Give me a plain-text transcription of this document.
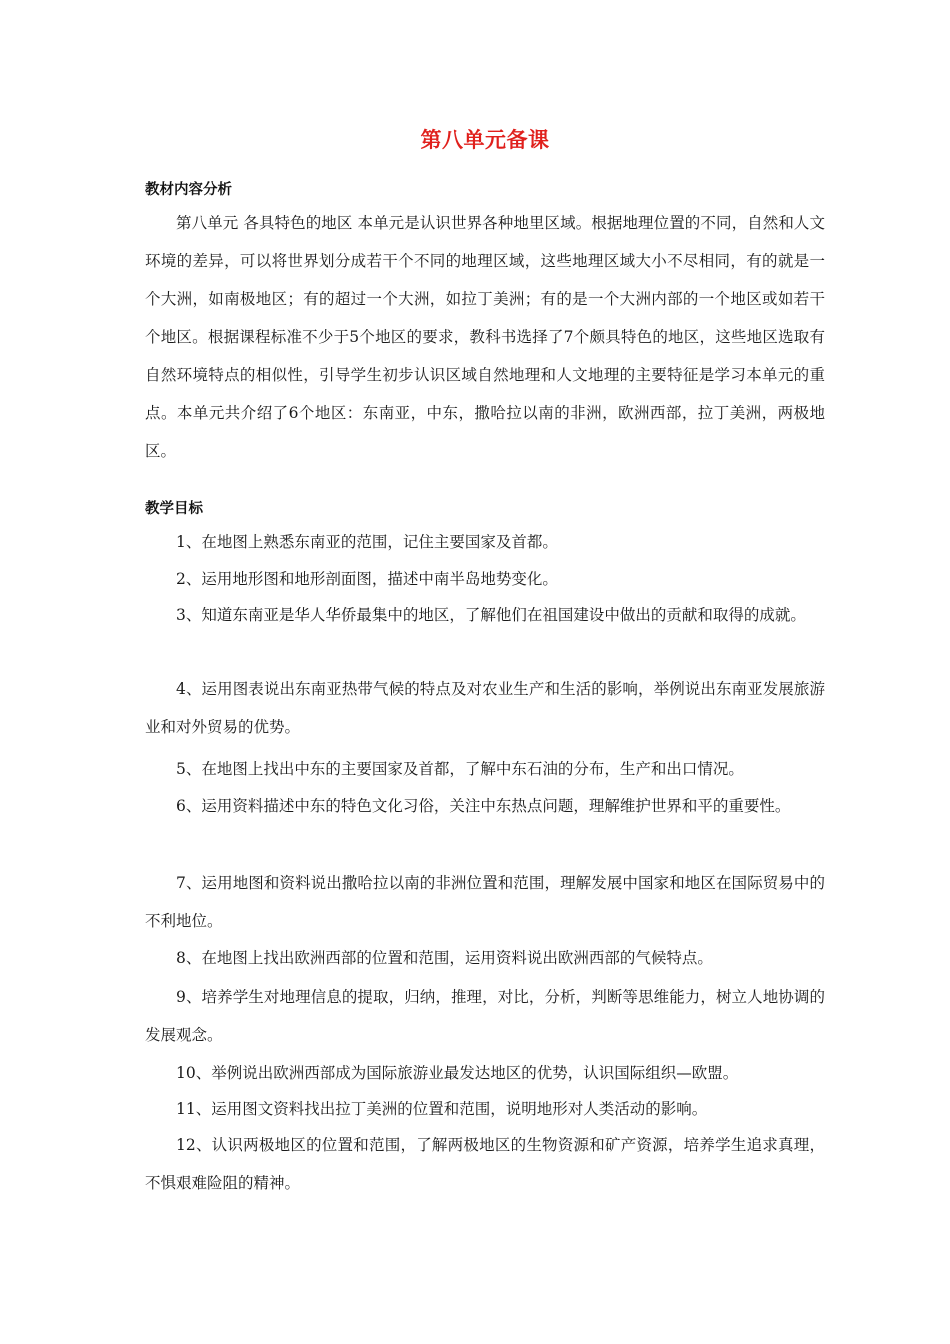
第八单元备课
教材内容分析

第八单元 各具特色的地区 本单元是认识世界各种地里区域。根据地理位置的不同，自然和人文环境的差异，可以将世界划分成若干个不同的地理区域，这些地理区域大小不尽相同，有的就是一个大洲，如南极地区；有的超过一个大洲，如拉丁美洲；有的是一个大洲内部的一个地区或如若干个地区。根据课程标准不少于5个地区的要求，教科书选择了7个颇具特色的地区，这些地区选取有自然环境特点的相似性，引导学生初步认识区域自然地理和人文地理的主要特征是学习本单元的重点。本单元共介绍了6个地区：东南亚，中东，撒哈拉以南的非洲，欧洲西部，拉丁美洲，两极地区。

教学目标

1、在地图上熟悉东南亚的范围，记住主要国家及首都。

2、运用地形图和地形剖面图，描述中南半岛地势变化。

3、知道东南亚是华人华侨最集中的地区，了解他们在祖国建设中做出的贡献和取得的成就。

4、运用图表说出东南亚热带气候的特点及对农业生产和生活的影响，举例说出东南亚发展旅游业和对外贸易的优势。

5、在地图上找出中东的主要国家及首都，了解中东石油的分布，生产和出口情况。

6、运用资料描述中东的特色文化习俗，关注中东热点问题，理解维护世界和平的重要性。

7、运用地图和资料说出撒哈拉以南的非洲位置和范围，理解发展中国家和地区在国际贸易中的不利地位。

8、在地图上找出欧洲西部的位置和范围，运用资料说出欧洲西部的气候特点。

9、培养学生对地理信息的提取，归纳，推理，对比，分析，判断等思维能力，树立人地协调的发展观念。

10、举例说出欧洲西部成为国际旅游业最发达地区的优势，认识国际组织—欧盟。

11、运用图文资料找出拉丁美洲的位置和范围，说明地形对人类活动的影响。

12、认识两极地区的位置和范围，了解两极地区的生物资源和矿产资源，培养学生追求真理，不惧艰难险阻的精神。
